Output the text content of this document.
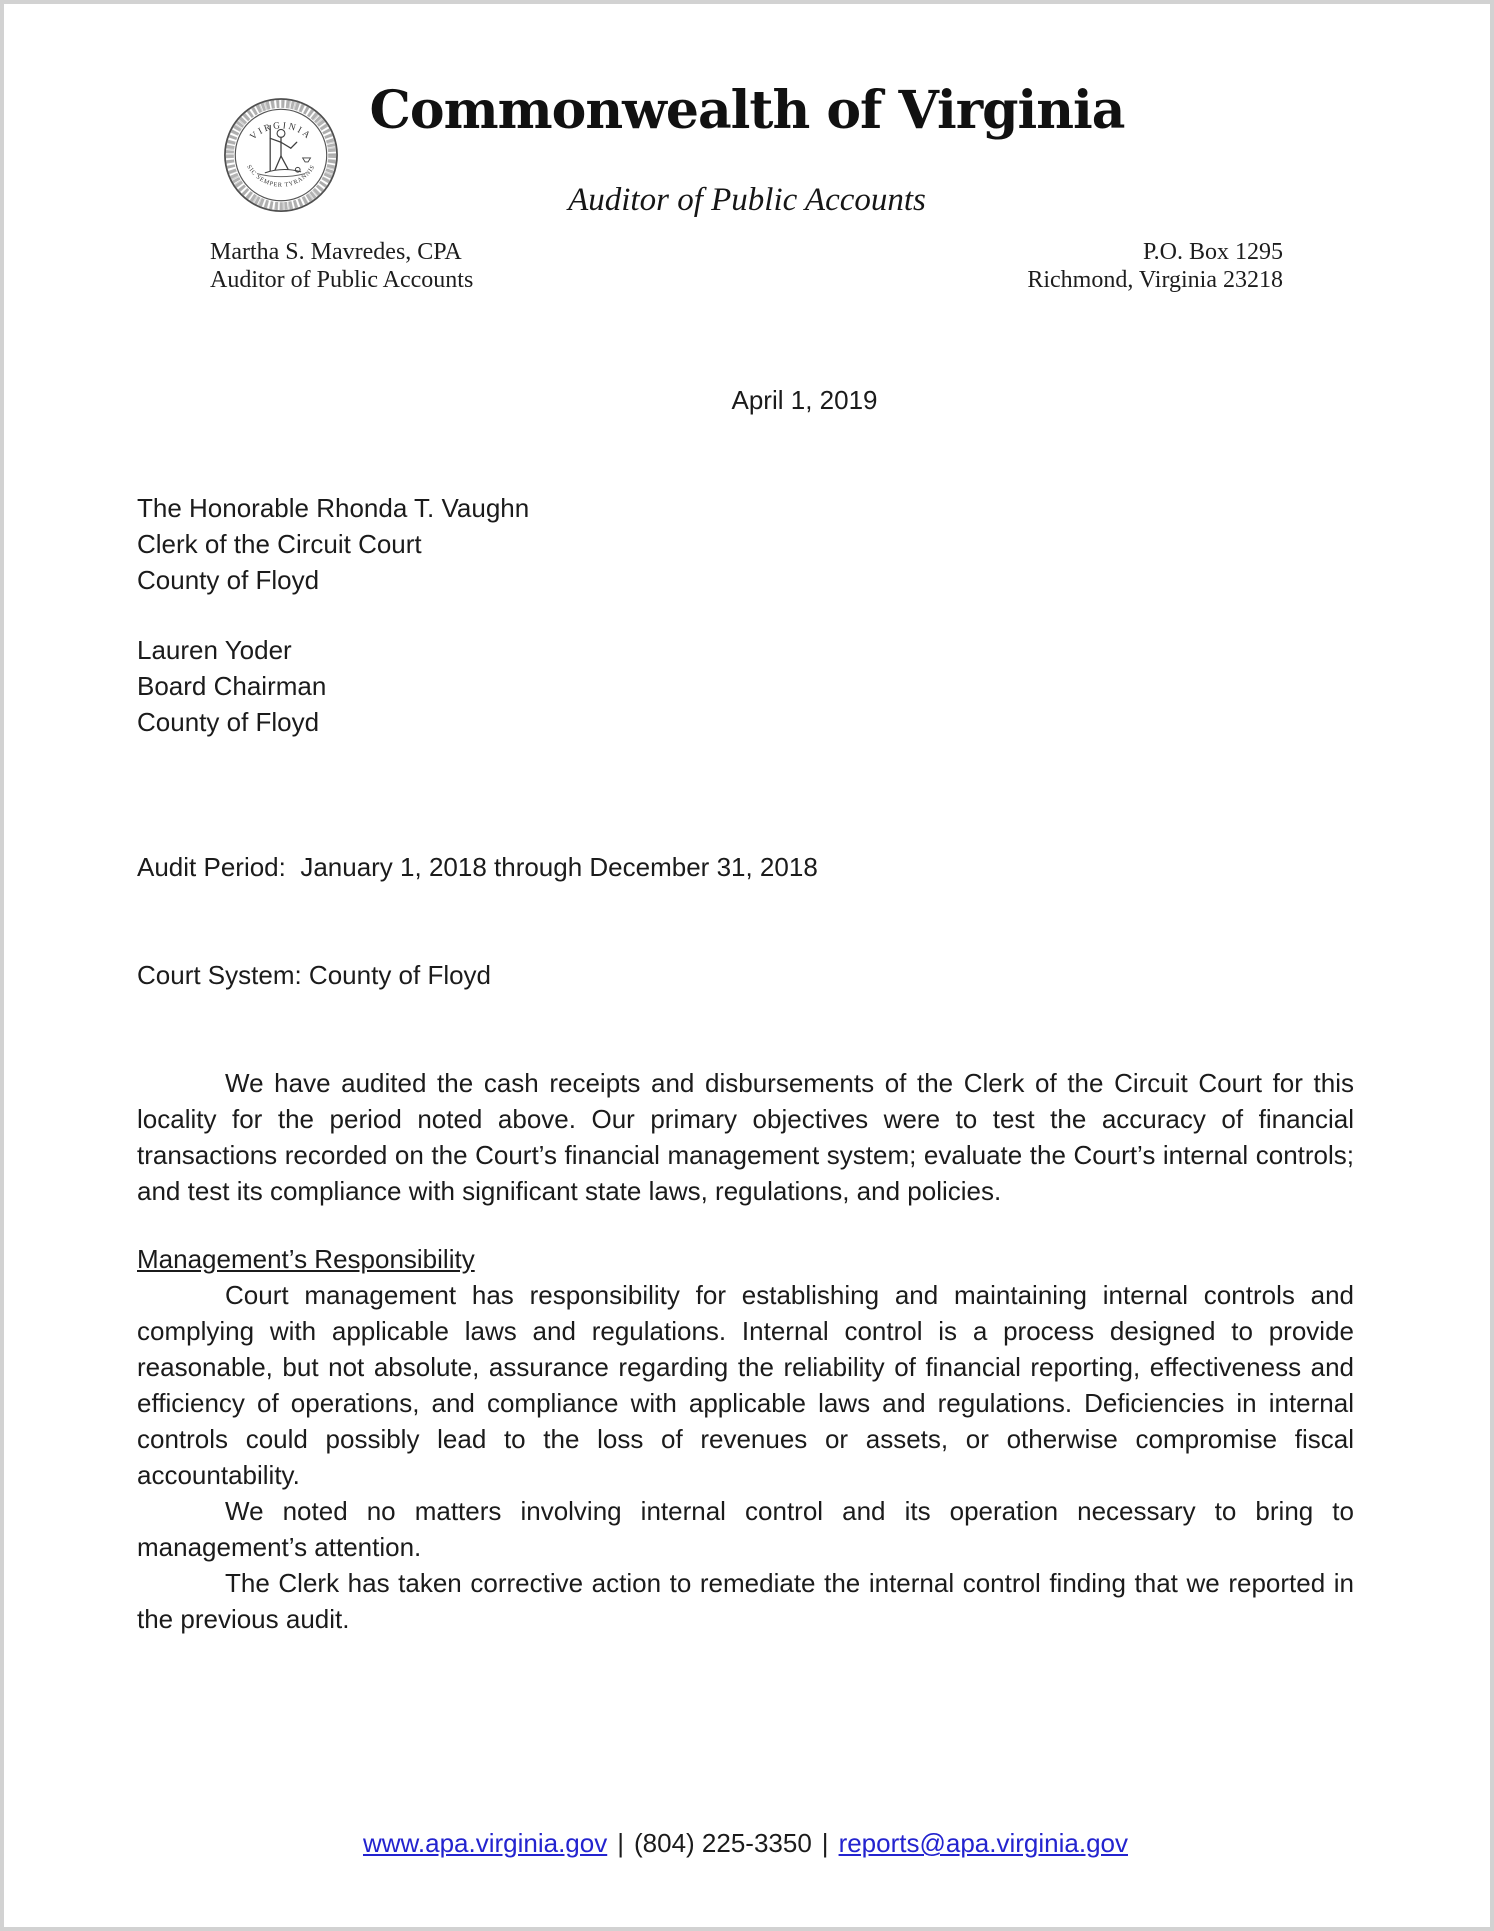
VIRGINIA
SIC SEMPER TYRANNIS
Commonwealth of Virginia
Auditor of Public Accounts
Martha S. Mavredes, CPA
Auditor of Public Accounts
P.O. Box 1295
Richmond, Virginia 23218
April 1, 2019
The Honorable Rhonda T. Vaughn
Clerk of the Circuit Court
County of Floyd
Lauren Yoder
Board Chairman
County of Floyd

Audit Period:  January 1, 2018 through December 31, 2018

Court System: County of Floyd

We have audited the cash receipts and disbursements of the Clerk of the Circuit Court for this locality for the period noted above. Our primary objectives were to test the accuracy of financial transactions recorded on the Court’s financial management system; evaluate the Court’s internal controls; and test its compliance with significant state laws, regulations, and policies.

Management’s Responsibility

Court management has responsibility for establishing and maintaining internal controls and complying with applicable laws and regulations. Internal control is a process designed to provide reasonable, but not absolute, assurance regarding the reliability of financial reporting, effectiveness and efficiency of operations, and compliance with applicable laws and regulations. Deficiencies in internal controls could possibly lead to the loss of revenues or assets, or otherwise compromise fiscal accountability.

We noted no matters involving internal control and its operation necessary to bring to management’s attention.

The Clerk has taken corrective action to remediate the internal control finding that we reported in the previous audit.

www.apa.virginia.gov | (804) 225-3350 | reports@apa.virginia.gov
